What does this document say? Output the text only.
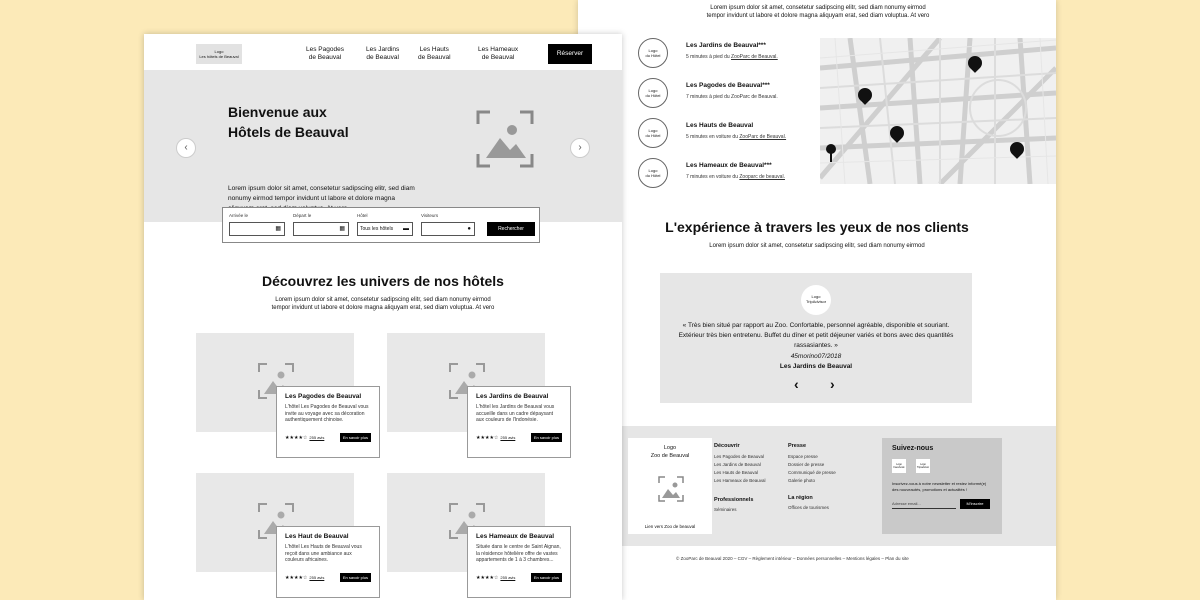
Lorem ipsum dolor sit amet, consetetur sadipscing elitr, sed diam nonumy eirmod
tempor invidunt ut labore et dolore magna aliquyam erat, sed diam voluptua. At vero
Logo
du Hôtel
Les Jardins de Beauval***
5 minutes à pied du ZooParc de Beauval.
Logo
du Hôtel
Les Pagodes de Beauval***
7 minutes à pied du ZooParc de Beauval.
Logo
du Hôtel
Les Hauts de Beauval
5 minutes en voiture du ZooParc de Beauval.
Logo
du Hôtel
Les Hameaux de Beauval***
7 minutes en voiture du Zooparc de beauval.
L'expérience à travers les yeux de nos clients
Lorem ipsum dolor sit amet, consetetur sadipscing elitr, sed diam nonumy eirmod
Logo
TripAdvisor
« Très bien situé par rapport au Zoo. Confortable, personnel agréable, disponible et souriant. Extérieur très bien entretenu. Buffet du dîner et petit déjeuner variés et bons avec des quantités rassasiantes. »
45morino07/2018
Les Jardins de Beauval
‹ ›
Logo
Zoo de Beauval
Lien vers Zoo de beauval
Découvrir
Les Pagodes de Beauval
Les Jardins de Beauval
Les Hauts de Beauval
Les Hameaux de Beauval
Professionnels
Séminaires
Presse
Espace presse
Dossier de presse
Communiqué de presse
Galerie photo
La région
Offices de tourismes
Suivez-nous
Logo
Facebook
Logo
Tripadvisor
Inscrivez-vous à notre newsletter et restez informé(e) des nouveautés, promotions et actualités !
Adresse email...	M'inscrire
© ZooParc de Beauval 2020 – CGV – Règlement intérieur – Données personnelles – Mentions légales – Plan du site
Logo
Les hôtels de Beauval
Les Pagodes
de Beauval
Les Jardins
de Beauval
Les Hauts
de Beauval
Les Hameaux
de Beauval
Réserver
‹	›
Bienvenue aux
Hôtels de Beauval
Lorem ipsum dolor sit amet, consetetur sadipscing elitr, sed diam nonumy eirmod tempor invidunt ut labore et dolore magna
Arrivée le
▦
Départ le
▦
Hôtel
Tous les hôtels ▬
Visiteurs
●	Rechercher
Découvrez les univers de nos hôtels
Lorem ipsum dolor sit amet, consetetur sadipscing elitr, sed diam nonumy eirmod
tempor invidunt ut labore et dolore magna aliquyam erat, sed diam voluptua. At vero
Les Pagodes de Beauval
L'hôtel Les Pagodes de Beauval vous invite au voyage avec sa décoration authentiquement chinoise.
★★★★☆ 255 avis	En savoir plus
Les Jardins de Beauval
L'hôtel les Jardins de Beauval vous accueille dans un cadre dépaysant aux couleurs de l'Indonésie.
★★★★☆ 255 avis	En savoir plus
Les Haut de Beauval
L'hôtel Les Hauts de Beauval vous reçoit dans une ambiance aux couleurs africaines.
★★★★☆ 255 avis	En savoir plus
Les Hameaux de Beauval
Située dans le centre de Saint Aignan, la résidence hôtelière offre de vastes appartements de 1 à 3 chambres...
★★★★☆ 255 avis	En savoir plus
